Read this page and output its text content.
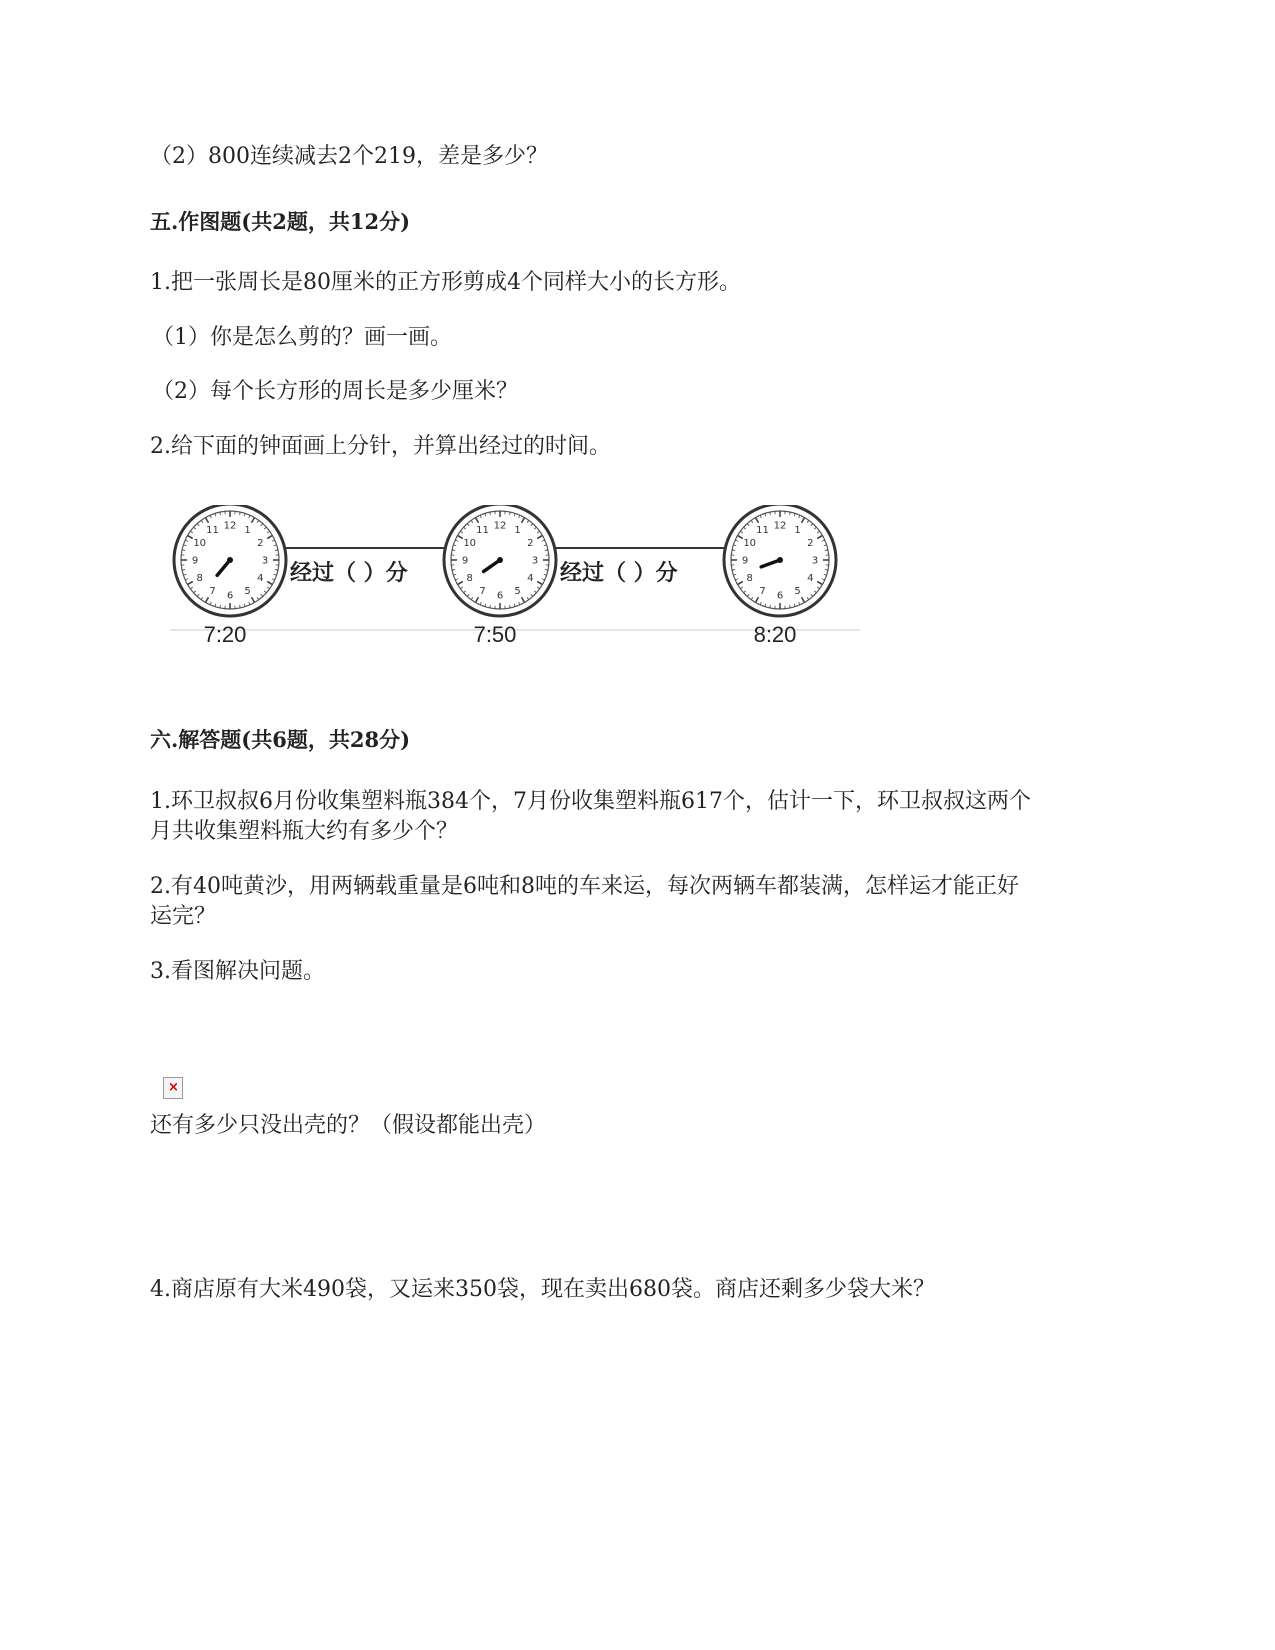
（2）800连续减去2个219，差是多少？
五.作图题(共2题，共12分)
1.把一张周长是80厘米的正方形剪成4个同样大小的长方形。
（1）你是怎么剪的？画一画。
（2）每个长方形的周长是多少厘米？
2.给下面的钟面画上分针，并算出经过的时间。
12 1
2
3
4
5
6
7
8
9
10
11
7:20
12 1
2
3
4
5
6
7
8
9
10
11
7:50
12 1
2
3
4
5
6
7
8
9
10
11
8:20
经过（ ）分	经过（ ）分
六.解答题(共6题，共28分)
1.环卫叔叔6月份收集塑料瓶384个，7月份收集塑料瓶617个，估计一下，环卫叔叔这两个
月共收集塑料瓶大约有多少个？
2.有40吨黄沙，用两辆载重量是6吨和8吨的车来运，每次两辆车都装满，怎样运才能正好
运完？
3.看图解决问题。
×
还有多少只没出壳的？（假设都能出壳）
4.商店原有大米490袋，又运来350袋，现在卖出680袋。商店还剩多少袋大米？
